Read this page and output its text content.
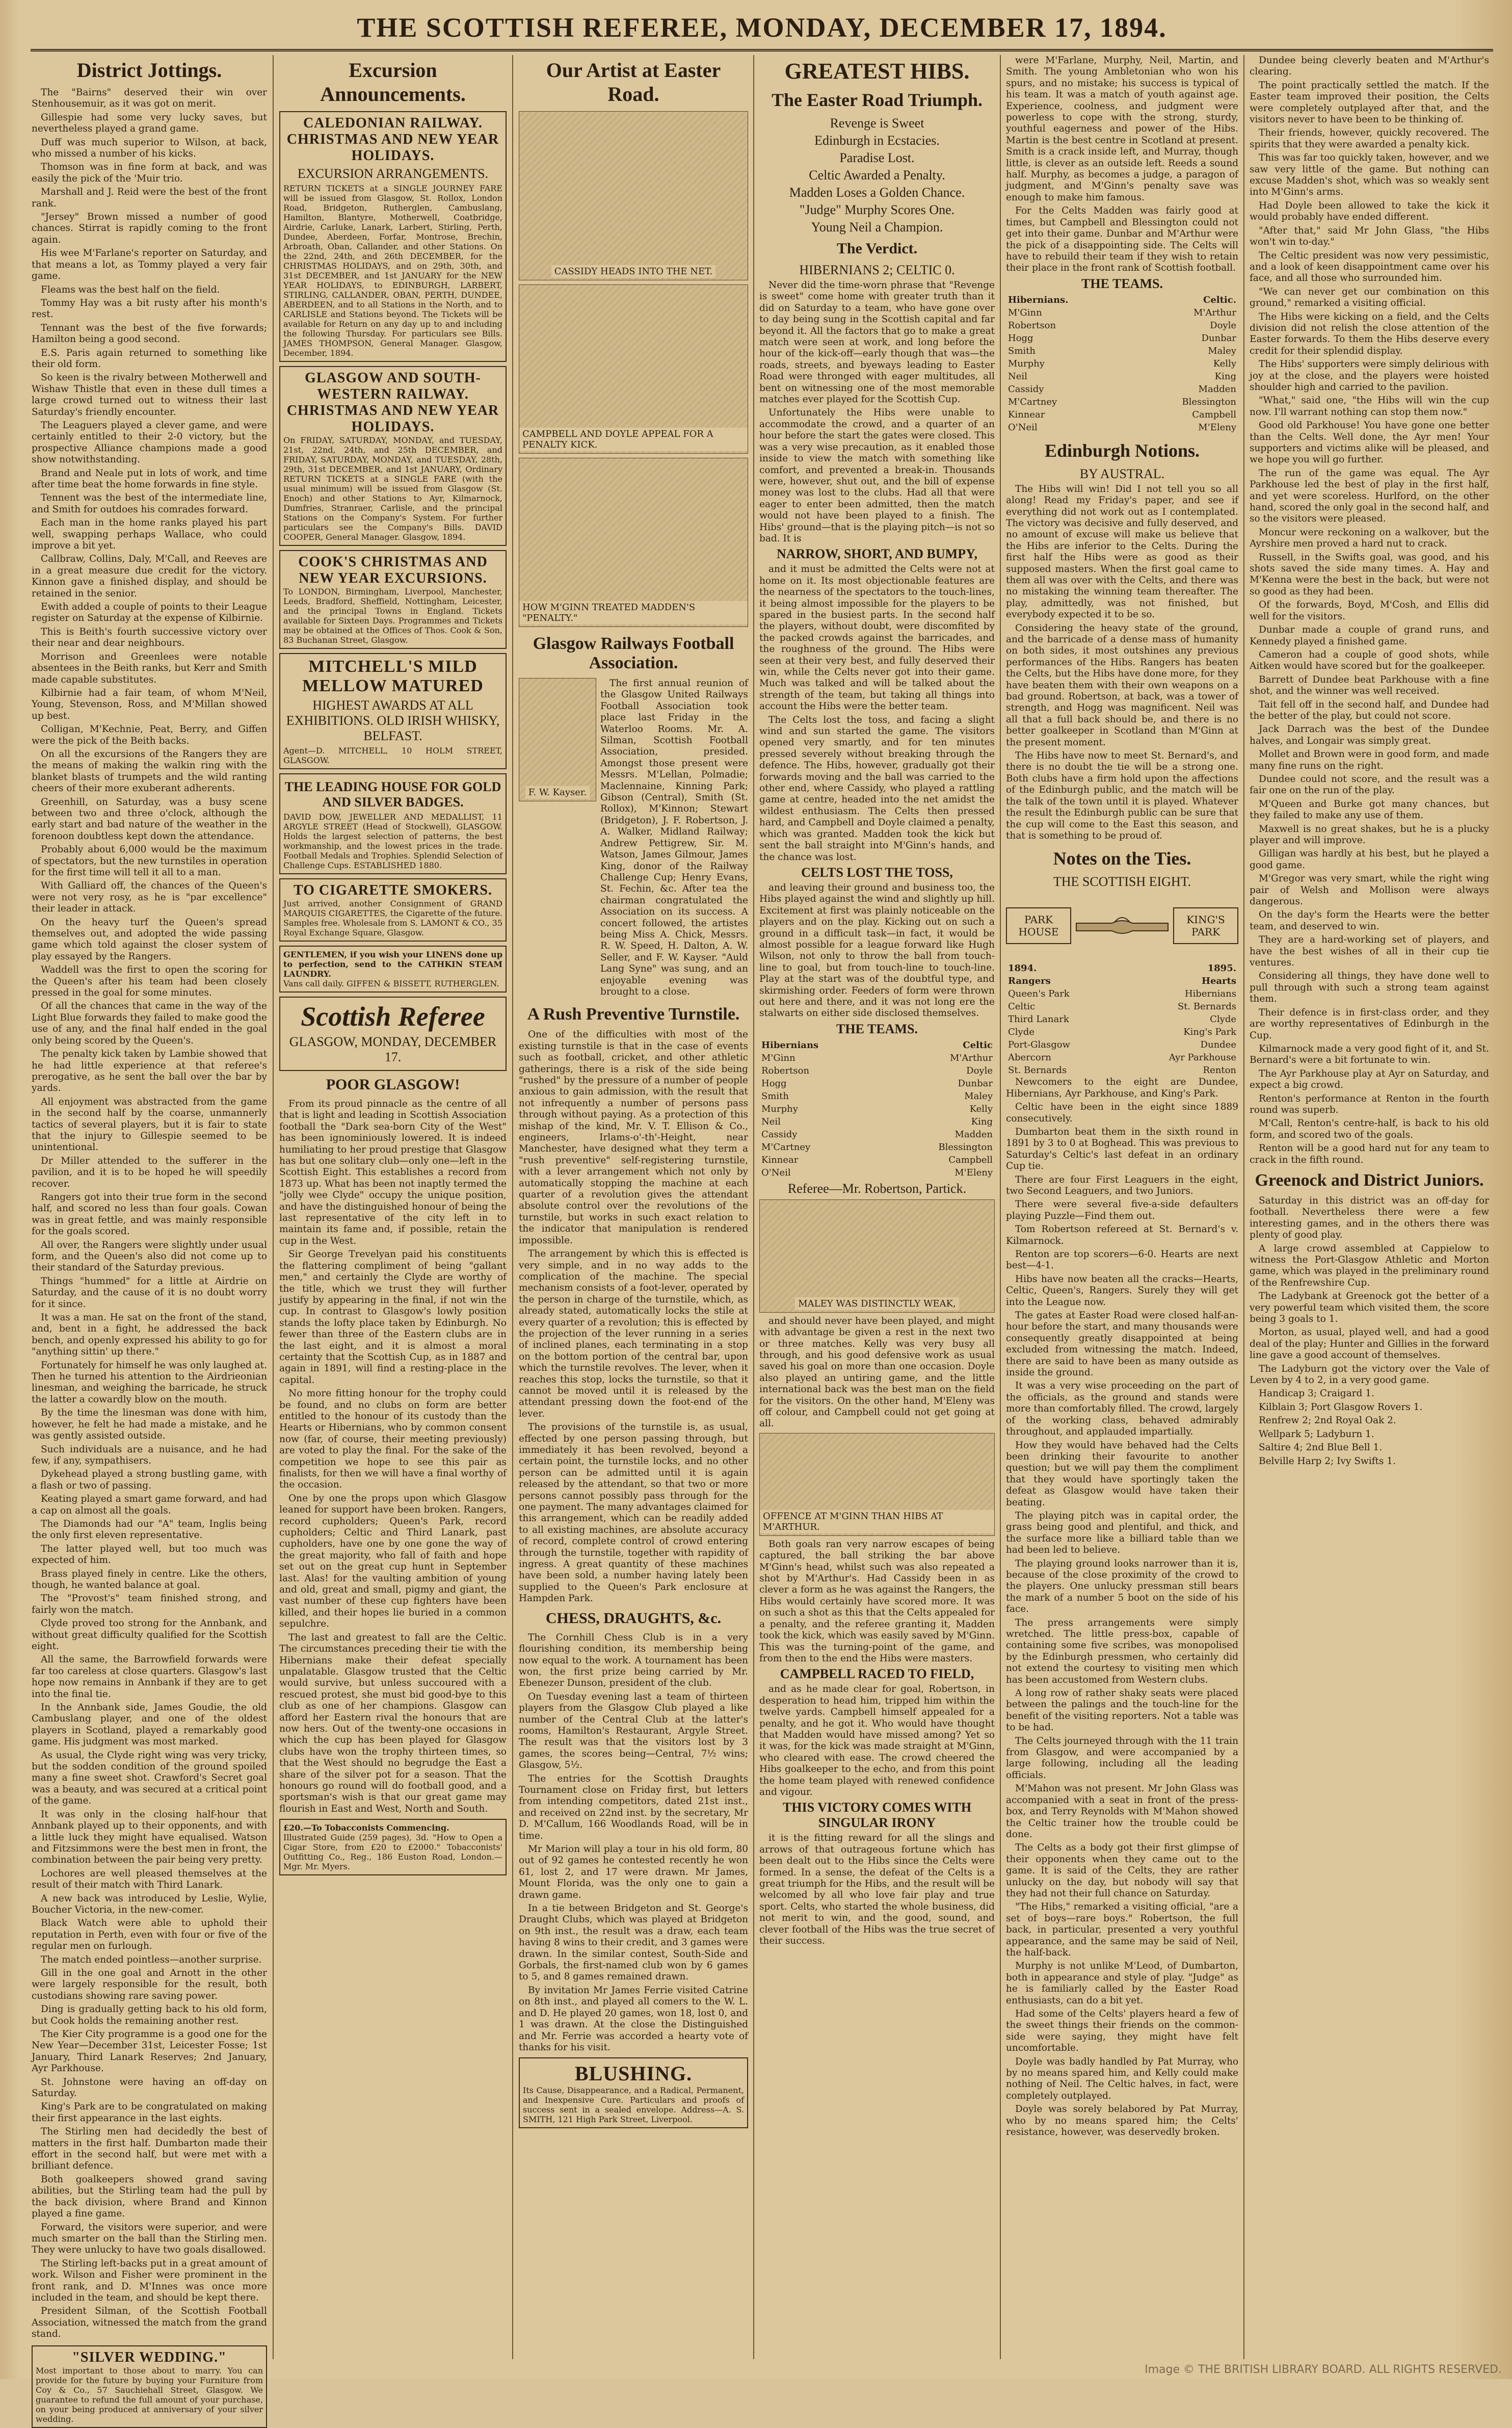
THE SCOTTISH REFEREE, MONDAY, DECEMBER 17, 1894.
District Jottings.
The "Bairns" deserved their win over Stenhousemuir, as it was got on merit.
Gillespie had some very lucky saves, but nevertheless played a grand game.
Duff was much superior to Wilson, at back, who missed a number of his kicks.
Thomson was in fine form at back, and was easily the pick of the 'Muir trio.
Marshall and J. Reid were the best of the front rank.
"Jersey" Brown missed a number of good chances. Stirrat is rapidly coming to the front again.
His wee M'Farlane's reporter on Saturday, and that means a lot, as Tommy played a very fair game.
Fleams was the best half on the field.
Tommy Hay was a bit rusty after his month's rest.
Tennant was the best of the five forwards; Hamilton being a good second.
E.S. Paris again returned to something like their old form.
So keen is the rivalry between Motherwell and Wishaw Thistle that even in these dull times a large crowd turned out to witness their last Saturday's friendly encounter.
The Leaguers played a clever game, and were certainly entitled to their 2-0 victory, but the prospective Alliance champions made a good show notwithstanding.
Brand and Neale put in lots of work, and time after time beat the home forwards in fine style.
Tennent was the best of the intermediate line, and Smith for outdoes his comrades forward.
Each man in the home ranks played his part well, swapping perhaps Wallace, who could improve a bit yet.
Callbraw, Collins, Daly, M'Call, and Reeves are in a great measure due credit for the victory. Kinnon gave a finished display, and should be retained in the senior.
Ewith added a couple of points to their League register on Saturday at the expense of Kilbirnie.
This is Beith's fourth successive victory over their near and dear neighbours.
Morrison and Greenlees were notable absentees in the Beith ranks, but Kerr and Smith made capable substitutes.
Kilbirnie had a fair team, of whom M'Neil, Young, Stevenson, Ross, and M'Millan showed up best.
Colligan, M'Kechnie, Peat, Berry, and Giffen were the pick of the Beith backs.
On all the excursions of the Rangers they are the means of making the walkin ring with the blanket blasts of trumpets and the wild ranting cheers of their more exuberant adherents.
Greenhill, on Saturday, was a busy scene between two and three o'clock, although the early start and bad nature of the weather in the forenoon doubtless kept down the attendance.
Probably about 6,000 would be the maximum of spectators, but the new turnstiles in operation for the first time will tell it all to a man.
With Galliard off, the chances of the Queen's were not very rosy, as he is "par excellence" their leader in attack.
On the heavy turf the Queen's spread themselves out, and adopted the wide passing game which told against the closer system of play essayed by the Rangers.
Waddell was the first to open the scoring for the Queen's after his team had been closely pressed in the goal for some minutes.
Of all the chances that came in the way of the Light Blue forwards they failed to make good the use of any, and the final half ended in the goal only being scored by the Queen's.
The penalty kick taken by Lambie showed that he had little experience at that referee's prerogative, as he sent the ball over the bar by yards.
All enjoyment was abstracted from the game in the second half by the coarse, unmannerly tactics of several players, but it is fair to state that the injury to Gillespie seemed to be unintentional.
Dr Miller attended to the sufferer in the pavilion, and it is to be hoped he will speedily recover.
Rangers got into their true form in the second half, and scored no less than four goals. Cowan was in great fettle, and was mainly responsible for the goals scored.
All over, the Rangers were slightly under usual form, and the Queen's also did not come up to their standard of the Saturday previous.
Things "hummed" for a little at Airdrie on Saturday, and the cause of it is no doubt worry for it since.
It was a man. He sat on the front of the stand, and, bent in a fight, he addressed the back bench, and openly expressed his ability to go for "anything sittin' up there."
Fortunately for himself he was only laughed at. Then he turned his attention to the Airdrieonian linesman, and weighing the barricade, he struck the latter a cowardly blow on the mouth.
By the time the linesman was done with him, however, he felt he had made a mistake, and he was gently assisted outside.
Such individuals are a nuisance, and he had few, if any, sympathisers.
Dykehead played a strong bustling game, with a flash or two of passing.
Keating played a smart game forward, and had a cap on almost all the goals.
The Diamonds had our "A" team, Inglis being the only first eleven representative.
The latter played well, but too much was expected of him.
Brass played finely in centre. Like the others, though, he wanted balance at goal.
The "Provost's" team finished strong, and fairly won the match.
Clyde proved too strong for the Annbank, and without great difficulty qualified for the Scottish eight.
All the same, the Barrowfield forwards were far too careless at close quarters. Glasgow's last hope now remains in Annbank if they are to get into the final tie.
In the Annbank side, James Goudie, the old Cambuslang player, and one of the oldest players in Scotland, played a remarkably good game. His judgment was most marked.
As usual, the Clyde right wing was very tricky, but the sodden condition of the ground spoiled many a fine sweet shot. Crawford's Secret goal was a beauty, and was secured at a critical point of the game.
It was only in the closing half-hour that Annbank played up to their opponents, and with a little luck they might have equalised. Watson and Fitzsimmons were the best men in front, the combination between the pair being very pretty.
Lochores are well pleased themselves at the result of their match with Third Lanark.
A new back was introduced by Leslie, Wylie, Boucher Victoria, in the new-comer.
Black Watch were able to uphold their reputation in Perth, even with four or five of the regular men on furlough.
The match ended pointless—another surprise.
Gill in the one goal and Arnott in the other were largely responsible for the result, both custodians showing rare saving power.
Ding is gradually getting back to his old form, but Cook holds the remaining another rest.
The Kier City programme is a good one for the New Year—December 31st, Leicester Fosse; 1st January, Third Lanark Reserves; 2nd January, Ayr Parkhouse.
St. Johnstone were having an off-day on Saturday.
King's Park are to be congratulated on making their first appearance in the last eights.
The Stirling men had decidedly the best of matters in the first half. Dumbarton made their effort in the second half, but were met with a brilliant defence.
Both goalkeepers showed grand saving abilities, but the Stirling team had the pull by the back division, where Brand and Kinnon played a fine game.
Forward, the visitors were superior, and were much smarter on the ball than the Stirling men. They were unlucky to have two goals disallowed.
The Stirling left-backs put in a great amount of work. Wilson and Fisher were prominent in the front rank, and D. M'Innes was once more included in the team, and should be kept there.
President Silman, of the Scottish Football Association, witnessed the match from the grand stand.
"SILVER WEDDING."
Most important to those about to marry. You can provide for the future by buying your Furniture from Coy & Co., 57 Sauchiehall Street, Glasgow. We guarantee to refund the full amount of your purchase, on your being produced at anniversary of your silver wedding.
Excursion Announcements.
CALEDONIAN RAILWAY. CHRISTMAS AND NEW YEAR HOLIDAYS.
EXCURSION ARRANGEMENTS.
RETURN TICKETS at a SINGLE JOURNEY FARE will be issued from Glasgow, St. Rollox, London Road, Bridgeton, Rutherglen, Cambuslang, Hamilton, Blantyre, Motherwell, Coatbridge, Airdrie, Carluke, Lanark, Larbert, Stirling, Perth, Dundee, Aberdeen, Forfar, Montrose, Brechin, Arbroath, Oban, Callander, and other Stations. On the 22nd, 24th, and 26th DECEMBER, for the CHRISTMAS HOLIDAYS, and on 29th, 30th, and 31st DECEMBER, and 1st JANUARY for the NEW YEAR HOLIDAYS, to EDINBURGH, LARBERT, STIRLING, CALLANDER, OBAN, PERTH, DUNDEE, ABERDEEN, and to all Stations in the North, and to CARLISLE and Stations beyond. The Tickets will be available for Return on any day up to and including the following Thursday. For particulars see Bills. JAMES THOMPSON, General Manager. Glasgow, December, 1894.
GLASGOW AND SOUTH-WESTERN RAILWAY. CHRISTMAS AND NEW YEAR HOLIDAYS.
On FRIDAY, SATURDAY, MONDAY, and TUESDAY, 21st, 22nd, 24th, and 25th DECEMBER, and FRIDAY, SATURDAY, MONDAY, and TUESDAY, 28th, 29th, 31st DECEMBER, and 1st JANUARY, Ordinary RETURN TICKETS at a SINGLE FARE (with the usual minimum) will be issued from Glasgow (St. Enoch) and other Stations to Ayr, Kilmarnock, Dumfries, Stranraer, Carlisle, and the principal Stations on the Company's System. For further particulars see the Company's Bills. DAVID COOPER, General Manager. Glasgow, 1894.
COOK'S CHRISTMAS AND NEW YEAR EXCURSIONS.
To LONDON, Birmingham, Liverpool, Manchester, Leeds, Bradford, Sheffield, Nottingham, Leicester, and the principal Towns in England. Tickets available for Sixteen Days. Programmes and Tickets may be obtained at the Offices of Thos. Cook & Son, 83 Buchanan Street, Glasgow.
MITCHELL'S MILD MELLOW MATURED
HIGHEST AWARDS AT ALL EXHIBITIONS. OLD IRISH WHISKY, BELFAST.
Agent—D. MITCHELL, 10 HOLM STREET, GLASGOW.
THE LEADING HOUSE FOR GOLD AND SILVER BADGES.
DAVID DOW, JEWELLER AND MEDALLIST, 11 ARGYLE STREET (Head of Stockwell), GLASGOW. Holds the largest selection of patterns, the best workmanship, and the lowest prices in the trade. Football Medals and Trophies. Splendid Selection of Challenge Cups. ESTABLISHED 1880.
TO CIGARETTE SMOKERS.
Just arrived, another Consignment of GRAND MARQUIS CIGARETTES, the Cigarette of the future. Samples free. Wholesale from S. LAMONT & CO., 35 Royal Exchange Square, Glasgow.
GENTLEMEN, if you wish your LINENS done up to perfection, send to the CATHKIN STEAM LAUNDRY.
Vans call daily. GIFFEN & BISSETT, RUTHERGLEN.
Scottish Referee
GLASGOW, MONDAY, DECEMBER 17.
POOR GLASGOW!
From its proud pinnacle as the centre of all that is light and leading in Scottish Association football the "Dark sea-born City of the West" has been ignominiously lowered. It is indeed humiliating to her proud prestige that Glasgow has but one solitary club—only one—left in the Scottish Eight. This establishes a record from 1873 up. What has been not inaptly termed the "jolly wee Clyde" occupy the unique position, and have the distinguished honour of being the last representative of the city left in to maintain its fame and, if possible, retain the cup in the West.
Sir George Trevelyan paid his constituents the flattering compliment of being "gallant men," and certainly the Clyde are worthy of the title, which we trust they will further justify by appearing in the final, if not win the cup. In contrast to Glasgow's lowly position stands the lofty place taken by Edinburgh. No fewer than three of the Eastern clubs are in the last eight, and it is almost a moral certainty that the Scottish Cup, as in 1887 and again in 1891, will find a resting-place in the capital.
No more fitting honour for the trophy could be found, and no clubs on form are better entitled to the honour of its custody than the Hearts or Hibernians, who by common consent now (far, of course, their meeting previously) are voted to play the final. For the sake of the competition we hope to see this pair as finalists, for then we will have a final worthy of the occasion.
One by one the props upon which Glasgow leaned for support have been broken. Rangers, record cupholders; Queen's Park, record cupholders; Celtic and Third Lanark, past cupholders, have one by one gone the way of the great majority, who fall of faith and hope set out on the great cup hunt in September last. Alas! for the vaulting ambition of young and old, great and small, pigmy and giant, the vast number of these cup fighters have been killed, and their hopes lie buried in a common sepulchre.
The last and greatest to fall are the Celtic. The circumstances preceding their tie with the Hibernians make their defeat specially unpalatable. Glasgow trusted that the Celtic would survive, but unless succoured with a rescued protest, she must bid good-bye to this club as one of her champions. Glasgow can afford her Eastern rival the honours that are now hers. Out of the twenty-one occasions in which the cup has been played for Glasgow clubs have won the trophy thirteen times, so that the West should no begrudge the East a share of the silver pot for a season. That the honours go round will do football good, and a sportsman's wish is that our great game may flourish in East and West, North and South.
£20.—To Tobacconists Commencing.
Illustrated Guide (259 pages), 3d. "How to Open a Cigar Store, from £20 to £2000." Tobacconists' Outfitting Co., Reg., 186 Euston Road, London.—Mgr. Mr. Myers.
Our Artist at Easter Road.
CASSIDY HEADS INTO THE NET.
CAMPBELL AND DOYLE APPEAL FOR A PENALTY KICK.
HOW M'GINN TREATED MADDEN'S "PENALTY."
Glasgow Railways Football Association.
F. W. Kayser.
The first annual reunion of the Glasgow United Railways Football Association took place last Friday in the Waterloo Rooms. Mr. A. Silman, Scottish Football Association, presided. Amongst those present were Messrs. M'Lellan, Polmadie; Maclennaine, Kinning Park; Gibson (Central), Smith (St. Rollox), M'Kinnon; Stewart (Bridgeton), J. F. Robertson, J. A. Walker, Midland Railway; Andrew Pettigrew, Sir. M. Watson, James Gilmour, James King, donor of the Railway Challenge Cup; Henry Evans, St. Fechin, &c. After tea the chairman congratulated the Association on its success. A concert followed, the artistes being Miss A. Chick, Messrs. R. W. Speed, H. Dalton, A. W. Seller, and F. W. Kayser. "Auld Lang Syne" was sung, and an enjoyable evening was brought to a close.
A Rush Preventive Turnstile.
One of the difficulties with most of the existing turnstile is that in the case of events such as football, cricket, and other athletic gatherings, there is a risk of the side being "rushed" by the pressure of a number of people anxious to gain admission, with the result that not infrequently a number of persons pass through without paying. As a protection of this mishap of the kind, Mr. V. T. Ellison & Co., engineers, Irlams-o'-th'-Height, near Manchester, have designed what they term a "rush preventive" self-registering turnstile, with a lever arrangement which not only by automatically stopping the machine at each quarter of a revolution gives the attendant absolute control over the revolutions of the turnstile, but works in such exact relation to the indicator that manipulation is rendered impossible.
The arrangement by which this is effected is very simple, and in no way adds to the complication of the machine. The special mechanism consists of a foot-lever, operated by the person in charge of the turnstile, which, as already stated, automatically locks the stile at every quarter of a revolution; this is effected by the projection of the lever running in a series of inclined planes, each terminating in a stop on the bottom portion of the central bar, upon which the turnstile revolves. The lever, when it reaches this stop, locks the turnstile, so that it cannot be moved until it is released by the attendant pressing down the foot-end of the lever.
The provisions of the turnstile is, as usual, effected by one person passing through, but immediately it has been revolved, beyond a certain point, the turnstile locks, and no other person can be admitted until it is again released by the attendant, so that two or more persons cannot possibly pass through for the one payment. The many advantages claimed for this arrangement, which can be readily added to all existing machines, are absolute accuracy of record, complete control of crowd entering through the turnstile, together with rapidity of ingress. A great quantity of these machines have been sold, a number having lately been supplied to the Queen's Park enclosure at Hampden Park.
CHESS, DRAUGHTS, &c.
The Cornhill Chess Club is in a very flourishing condition, its membership being now equal to the work. A tournament has been won, the first prize being carried by Mr. Ebenezer Dunson, president of the club.
On Tuesday evening last a team of thirteen players from the Glasgow Club played a like number of the Central Club at the latter's rooms, Hamilton's Restaurant, Argyle Street. The result was that the visitors lost by 3 games, the scores being—Central, 7½ wins; Glasgow, 5½.
The entries for the Scottish Draughts Tournament close on Friday first, but letters from intending competitors, dated 21st inst., and received on 22nd inst. by the secretary, Mr D. M'Callum, 166 Woodlands Road, will be in time.
Mr Marion will play a tour in his old form, 80 out of 92 games he contested recently he won 61, lost 2, and 17 were drawn. Mr James, Mount Florida, was the only one to gain a drawn game.
In a tie between Bridgeton and St. George's Draught Clubs, which was played at Bridgeton on 9th inst., the result was a draw, each team having 8 wins to their credit, and 3 games were drawn. In the similar contest, South-Side and Gorbals, the first-named club won by 6 games to 5, and 8 games remained drawn.
By invitation Mr James Ferrie visited Catrine on 8th inst., and played all comers to the W. L. and D. He played 20 games, won 18, lost 0, and 1 was drawn. At the close the Distinguished and Mr. Ferrie was accorded a hearty vote of thanks for his visit.
BLUSHING.
Its Cause, Disappearance, and a Radical, Permanent, and Inexpensive Cure. Particulars and proofs of success sent in a sealed envelope. Address—A. S. SMITH, 121 High Park Street, Liverpool.
GREATEST HIBS.
The Easter Road Triumph.
Revenge is Sweet
Edinburgh in Ecstacies.
Paradise Lost.
Celtic Awarded a Penalty.
Madden Loses a Golden Chance.
"Judge" Murphy Scores One.
Young Neil a Champion.
The Verdict.
HIBERNIANS 2; CELTIC 0.
Never did the time-worn phrase that "Revenge is sweet" come home with greater truth than it did on Saturday to a team, who have gone over to day being sung in the Scottish capital and far beyond it. All the factors that go to make a great match were seen at work, and long before the hour of the kick-off—early though that was—the roads, streets, and byeways leading to Easter Road were thronged with eager multitudes, all bent on witnessing one of the most memorable matches ever played for the Scottish Cup.
Unfortunately the Hibs were unable to accommodate the crowd, and a quarter of an hour before the start the gates were closed. This was a very wise precaution, as it enabled those inside to view the match with something like comfort, and prevented a break-in. Thousands were, however, shut out, and the bill of expense money was lost to the clubs. Had all that were eager to enter been admitted, then the match would not have been played to a finish. The Hibs' ground—that is the playing pitch—is not so bad. It is
NARROW, SHORT, AND BUMPY,
and it must be admitted the Celts were not at home on it. Its most objectionable features are the nearness of the spectators to the touch-lines, it being almost impossible for the players to be spared in the busiest parts. In the second half the players, without doubt, were discomfited by the packed crowds against the barricades, and the roughness of the ground. The Hibs were seen at their very best, and fully deserved their win, while the Celts never got into their game. Much was talked and will be talked about the strength of the team, but taking all things into account the Hibs were the better team.
The Celts lost the toss, and facing a slight wind and sun started the game. The visitors opened very smartly, and for ten minutes pressed severely without breaking through the defence. The Hibs, however, gradually got their forwards moving and the ball was carried to the other end, where Cassidy, who played a rattling game at centre, headed into the net amidst the wildest enthusiasm. The Celts then pressed hard, and Campbell and Doyle claimed a penalty, which was granted. Madden took the kick but sent the ball straight into M'Ginn's hands, and the chance was lost.
CELTS LOST THE TOSS,
and leaving their ground and business too, the Hibs played against the wind and slightly up hill. Excitement at first was plainly noticeable on the players and on the play. Kicking out on such a ground in a difficult task—in fact, it would be almost possible for a league forward like Hugh Wilson, not only to throw the ball from touch-line to goal, but from touch-line to touch-line. Play at the start was of the doubtful type, and skirmishing order. Feeders of form were thrown out here and there, and it was not long ere the stalwarts on either side disclosed themselves.
THE TEAMS.
Hibernians	Celtic
M'Ginn	M'Arthur
Robertson	Doyle
Hogg	Dunbar
Smith	Maley
Murphy	Kelly
Neil	King
Cassidy	Madden
M'Cartney	Blessington
Kinnear	Campbell
O'Neil	M'Eleny
Referee—Mr. Robertson, Partick.
MALEY WAS DISTINCTLY WEAK,
and should never have been played, and might with advantage be given a rest in the next two or three matches. Kelly was very busy all through, and his good defensive work as usual saved his goal on more than one occasion. Doyle also played an untiring game, and the little international back was the best man on the field for the visitors. On the other hand, M'Eleny was off colour, and Campbell could not get going at all.
OFFENCE AT M'GINN THAN HIBS AT M'ARTHUR.
Both goals ran very narrow escapes of being captured, the ball striking the bar above M'Ginn's head, whilst such was also repeated a shot by M'Arthur's. Had Cassidy been in as clever a form as he was against the Rangers, the Hibs would certainly have scored more. It was on such a shot as this that the Celts appealed for a penalty, and the referee granting it, Madden took the kick, which was easily saved by M'Ginn. This was the turning-point of the game, and from then to the end the Hibs were masters.
CAMPBELL RACED TO FIELD,
and as he made clear for goal, Robertson, in desperation to head him, tripped him within the twelve yards. Campbell himself appealed for a penalty, and he got it. Who would have thought that Madden would have missed among? Yet so it was, for the kick was made straight at M'Ginn, who cleared with ease. The crowd cheered the Hibs goalkeeper to the echo, and from this point the home team played with renewed confidence and vigour.
THIS VICTORY COMES WITH SINGULAR IRONY
it is the fitting reward for all the slings and arrows of that outrageous fortune which has been dealt out to the Hibs since the Celts were formed. In a sense, the defeat of the Celts is a great triumph for the Hibs, and the result will be welcomed by all who love fair play and true sport. Celts, who started the whole business, did not merit to win, and the good, sound, and clever football of the Hibs was the true secret of their success.
were M'Farlane, Murphy, Neil, Martin, and Smith. The young Ambletonian who won his spurs, and no mistake; his success is typical of his team. It was a match of youth against age. Experience, coolness, and judgment were powerless to cope with the strong, sturdy, youthful eagerness and power of the Hibs. Martin is the best centre in Scotland at present. Smith is a crack inside left, and Murray, though little, is clever as an outside left. Reeds a sound half. Murphy, as becomes a judge, a paragon of judgment, and M'Ginn's penalty save was enough to make him famous.
For the Celts Madden was fairly good at times, but Campbell and Blessington could not get into their game. Dunbar and M'Arthur were the pick of a disappointing side. The Celts will have to rebuild their team if they wish to retain their place in the front rank of Scottish football.
THE TEAMS.
Hibernians.	Celtic.
M'Ginn	M'Arthur
Robertson	Doyle
Hogg	Dunbar
Smith	Maley
Murphy	Kelly
Neil	King
Cassidy	Madden
M'Cartney	Blessington
Kinnear	Campbell
O'Neil	M'Eleny
Edinburgh Notions.
BY AUSTRAL.
The Hibs will win! Did I not tell you so all along! Read my Friday's paper, and see if everything did not work out as I contemplated. The victory was decisive and fully deserved, and no amount of excuse will make us believe that the Hibs are inferior to the Celts. During the first half the Hibs were as good as their supposed masters. When the first goal came to them all was over with the Celts, and there was no mistaking the winning team thereafter. The play, admittedly, was not finished, but everybody expected it to be so.
Considering the heavy state of the ground, and the barricade of a dense mass of humanity on both sides, it most outshines any previous performances of the Hibs. Rangers has beaten the Celts, but the Hibs have done more, for they have beaten them with their own weapons on a bad ground. Robertson, at back, was a tower of strength, and Hogg was magnificent. Neil was all that a full back should be, and there is no better goalkeeper in Scotland than M'Ginn at the present moment.
The Hibs have now to meet St. Bernard's, and there is no doubt the tie will be a strong one. Both clubs have a firm hold upon the affections of the Edinburgh public, and the match will be the talk of the town until it is played. Whatever the result the Edinburgh public can be sure that the cup will come to the East this season, and that is something to be proud of.
Notes on the Ties.
THE SCOTTISH EIGHT.
PARK HOUSE
KING'S PARK
1894.	1895.
Rangers	Hearts
Queen's Park	Hibernians
Celtic	St. Bernards
Third Lanark	Clyde
Clyde	King's Park
Port-Glasgow	Dundee
Abercorn	Ayr Parkhouse
St. Bernards	Renton
Newcomers to the eight are Dundee, Hibernians, Ayr Parkhouse, and King's Park.
Celtic have been in the eight since 1889 consecutively.
Dumbarton beat them in the sixth round in 1891 by 3 to 0 at Boghead. This was previous to Saturday's Celtic's last defeat in an ordinary Cup tie.
There are four First Leaguers in the eight, two Second Leaguers, and two Juniors.
There were several five-a-side defaulters playing Puzzle—Find them out.
Tom Robertson refereed at St. Bernard's v. Kilmarnock.
Renton are top scorers—6-0. Hearts are next best—4-1.
Hibs have now beaten all the cracks—Hearts, Celtic, Queen's, Rangers. Surely they will get into the League now.
The gates at Easter Road were closed half-an-hour before the start, and many thousands were consequently greatly disappointed at being excluded from witnessing the match. Indeed, there are said to have been as many outside as inside the ground.
It was a very wise proceeding on the part of the officials, as the ground and stands were more than comfortably filled. The crowd, largely of the working class, behaved admirably throughout, and applauded impartially.
How they would have behaved had the Celts been drinking their favourite to another question; but we will pay them the compliment that they would have sportingly taken the defeat as Glasgow would have taken their beating.
The playing pitch was in capital order, the grass being good and plentiful, and thick, and the surface more like a billiard table than we had been led to believe.
The playing ground looks narrower than it is, because of the close proximity of the crowd to the players. One unlucky pressman still bears the mark of a number 5 boot on the side of his face.
The press arrangements were simply wretched. The little press-box, capable of containing some five scribes, was monopolised by the Edinburgh pressmen, who certainly did not extend the courtesy to visiting men which has been accustomed from Western clubs.
A long row of rather shaky seats were placed between the palings and the touch-line for the benefit of the visiting reporters. Not a table was to be had.
The Celts journeyed through with the 11 train from Glasgow, and were accompanied by a large following, including all the leading officials.
M'Mahon was not present. Mr John Glass was accompanied with a seat in front of the press-box, and Terry Reynolds with M'Mahon showed the Celtic trainer how the trouble could be done.
The Celts as a body got their first glimpse of their opponents when they came out to the game. It is said of the Celts, they are rather unlucky on the day, but nobody will say that they had not their full chance on Saturday.
"The Hibs," remarked a visiting official, "are a set of boys—rare boys." Robertson, the full back, in particular, presented a very youthful appearance, and the same may be said of Neil, the half-back.
Murphy is not unlike M'Leod, of Dumbarton, both in appearance and style of play. "Judge" as he is familiarly called by the Easter Road enthusiasts, can do a bit yet.
Had some of the Celts' players heard a few of the sweet things their friends on the common-side were saying, they might have felt uncomfortable.
Doyle was badly handled by Pat Murray, who by no means spared him, and Kelly could make nothing of Neil. The Celtic halves, in fact, were completely outplayed.
Doyle was sorely belabored by Pat Murray, who by no means spared him; the Celts' resistance, however, was deservedly broken.
Dundee being cleverly beaten and M'Arthur's clearing.
The point practically settled the match. If the Easter team improved their position, the Celts were completely outplayed after that, and the visitors never to have been to be thinking of.
Their friends, however, quickly recovered. The spirits that they were awarded a penalty kick.
This was far too quickly taken, however, and we saw very little of the game. But nothing can excuse Madden's shot, which was so weakly sent into M'Ginn's arms.
Had Doyle been allowed to take the kick it would probably have ended different.
"After that," said Mr John Glass, "the Hibs won't win to-day."
The Celtic president was now very pessimistic, and a look of keen disappointment came over his face, and all those who surrounded him.
"We can never get our combination on this ground," remarked a visiting official.
The Hibs were kicking on a field, and the Celts division did not relish the close attention of the Easter forwards. To them the Hibs deserve every credit for their splendid display.
The Hibs' supporters were simply delirious with joy at the close, and the players were hoisted shoulder high and carried to the pavilion.
"What," said one, "the Hibs will win the cup now. I'll warrant nothing can stop them now."
Good old Parkhouse! You have gone one better than the Celts. Well done, the Ayr men! Your supporters and victims alike will be pleased, and we hope you will go further.
The run of the game was equal. The Ayr Parkhouse led the best of play in the first half, and yet were scoreless. Hurlford, on the other hand, scored the only goal in the second half, and so the visitors were pleased.
Moncur were reckoning on a walkover, but the Ayrshire men proved a hard nut to crack.
Russell, in the Swifts goal, was good, and his shots saved the side many times. A. Hay and M'Kenna were the best in the back, but were not so good as they had been.
Of the forwards, Boyd, M'Cosh, and Ellis did well for the visitors.
Dunbar made a couple of grand runs, and Kennedy played a finished game.
Cameron had a couple of good shots, while Aitken would have scored but for the goalkeeper.
Barrett of Dundee beat Parkhouse with a fine shot, and the winner was well received.
Tait fell off in the second half, and Dundee had the better of the play, but could not score.
Jack Darrach was the best of the Dundee halves, and Longair was simply great.
Mollet and Brown were in good form, and made many fine runs on the right.
Dundee could not score, and the result was a fair one on the run of the play.
M'Queen and Burke got many chances, but they failed to make any use of them.
Maxwell is no great shakes, but he is a plucky player and will improve.
Gilligan was hardly at his best, but he played a good game.
M'Gregor was very smart, while the right wing pair of Welsh and Mollison were always dangerous.
On the day's form the Hearts were the better team, and deserved to win.
They are a hard-working set of players, and have the best wishes of all in their cup tie ventures.
Considering all things, they have done well to pull through with such a strong team against them.
Their defence is in first-class order, and they are worthy representatives of Edinburgh in the Cup.
Kilmarnock made a very good fight of it, and St. Bernard's were a bit fortunate to win.
The Ayr Parkhouse play at Ayr on Saturday, and expect a big crowd.
Renton's performance at Renton in the fourth round was superb.
M'Call, Renton's centre-half, is back to his old form, and scored two of the goals.
Renton will be a good hard nut for any team to crack in the fifth round.
Greenock and District Juniors.
Saturday in this district was an off-day for football. Nevertheless there were a few interesting games, and in the others there was plenty of good play.
A large crowd assembled at Cappielow to witness the Port-Glasgow Athletic and Morton game, which was played in the preliminary round of the Renfrewshire Cup.
The Ladybank at Greenock got the better of a very powerful team which visited them, the score being 3 goals to 1.
Morton, as usual, played well, and had a good deal of the play; Hunter and Gillies in the forward line gave a good account of themselves.
The Ladyburn got the victory over the Vale of Leven by 4 to 2, in a very good game.
Handicap 3; Craigard 1.
Kilblain 3; Port Glasgow Rovers 1.
Renfrew 2; 2nd Royal Oak 2.
Wellpark 5; Ladyburn 1.
Saltire 4; 2nd Blue Bell 1.
Belville Harp 2; Ivy Swifts 1.
Image © THE BRITISH LIBRARY BOARD. ALL RIGHTS RESERVED.
